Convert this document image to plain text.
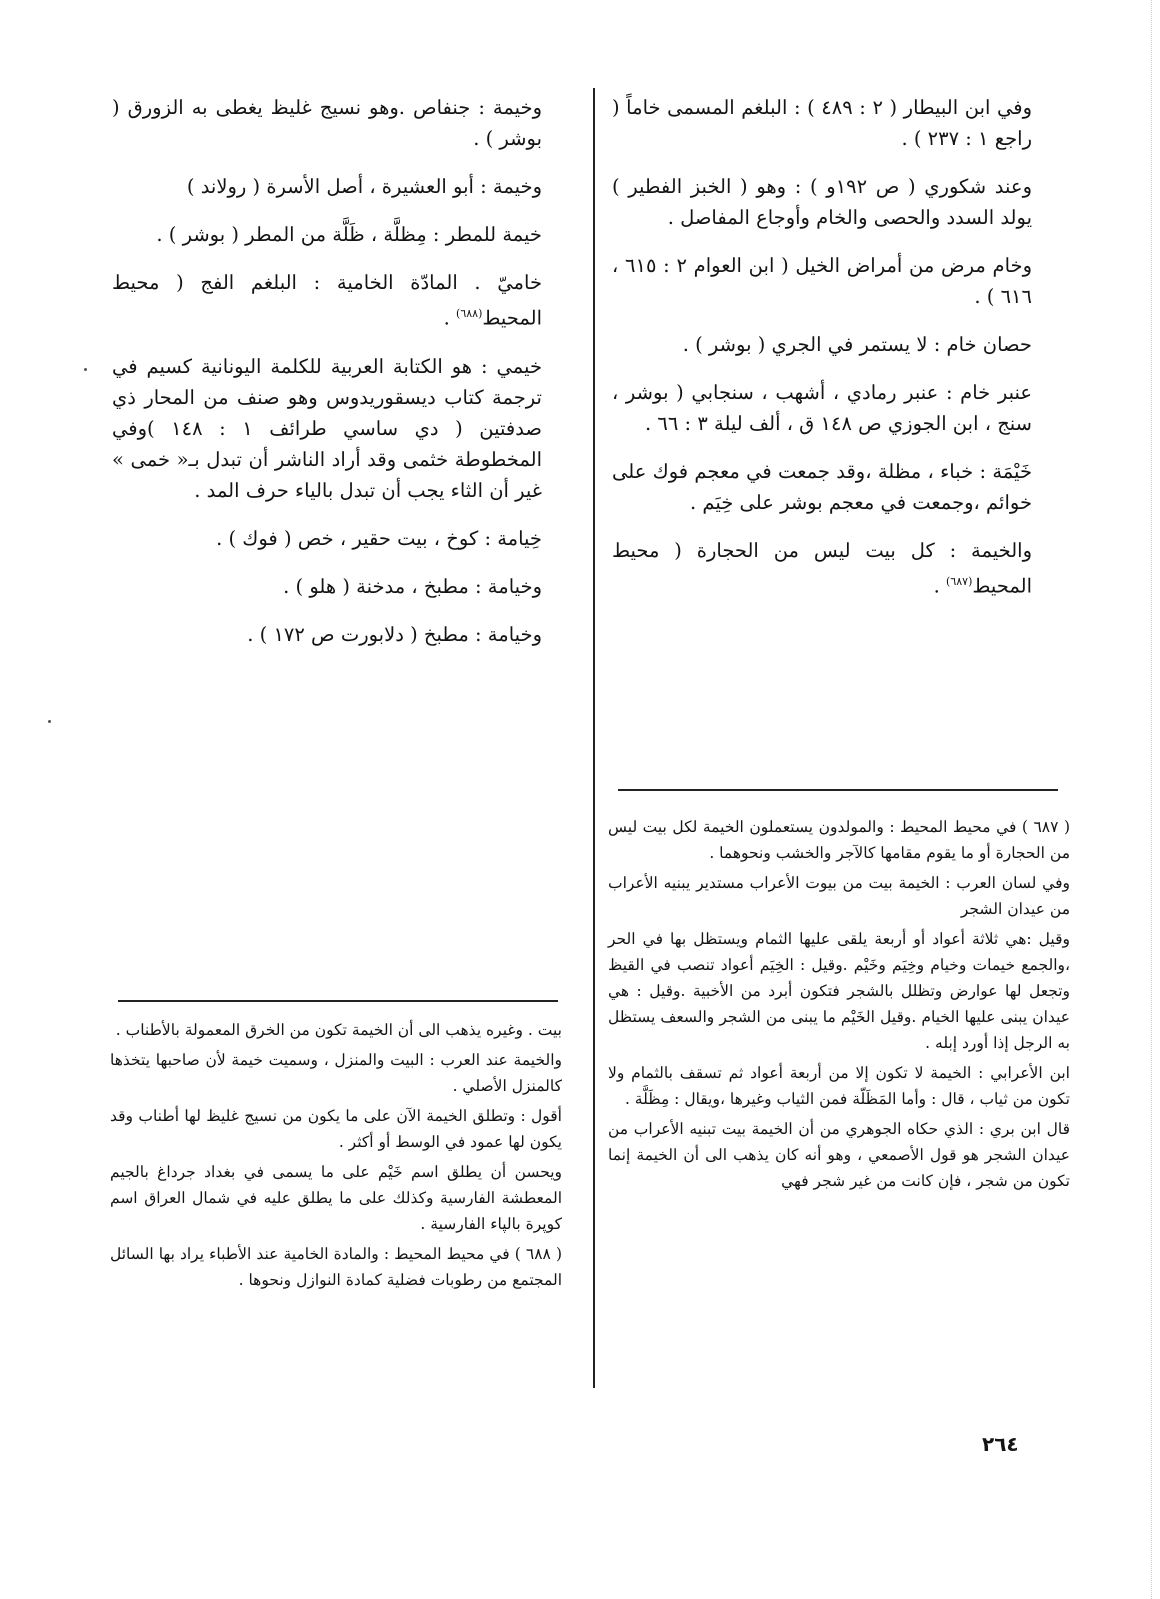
وفي ابن البيطار ( ٢ : ٤٨٩ ) : البلغم المسمى خاماً ( راجع ١ : ٢٣٧ ) .

وعند شكوري ( ص ١٩٢و ) : وهو ( الخبز الفطير ) يولد السدد والحصى والخام وأوجاع المفاصل .

وخام مرض من أمراض الخيل ( ابن العوام ٢ : ٦١٥ ، ٦١٦ ) .

حصان خام : لا يستمر في الجري ( بوشر ) .

عنبر خام : عنبر رمادي ، أشهب ، سنجابي ( بوشر ، سنج ، ابن الجوزي ص ١٤٨ ق ، ألف ليلة ٣ : ٦٦ .

خَيْمَة : خباء ، مظلة ،وقد جمعت في معجم فوك على خوائم ،وجمعت في معجم بوشر على خِيَم .

والخيمة : كل بيت ليس من الحجارة ( محيط المحيط$^{(٦٨٧)}$ .

وخيمة : جنفاص .وهو نسيج غليظ يغطى به الزورق ( بوشر ) .

وخيمة : أبو العشيرة ، أصل الأسرة ( رولاند )

خيمة للمطر : مِظلَّة ، ظَلَّة من المطر ( بوشر ) .

خاميّ . المادّة الخامية : البلغم الفج ( محيط المحيط$^{(٦٨٨)}$ .

خيمي : هو الكتابة العربية للكلمة اليونانية كسيم في ترجمة كتاب ديسقوريدوس وهو صنف من المحار ذي صدفتين ( دي ساسي طرائف ١ : ١٤٨ )وفي المخطوطة خثمى وقد أراد الناشر أن تبدل بـ« خمى » غير أن الثاء يجب أن تبدل بالياء حرف المد .

خِيامة : كوخ ، بيت حقير ، خص ( فوك ) .

وخيامة : مطبخ ، مدخنة ( هلو ) .

وخيامة : مطبخ ( دلابورت ص ١٧٢ ) .

( ٦٨٧ ) في محيط المحيط : والمولدون يستعملون الخيمة لكل بيت ليس من الحجارة أو ما يقوم مقامها كالآجر والخشب ونحوهما .

وفي لسان العرب : الخيمة بيت من بيوت الأعراب مستدير يبنيه الأعراب من عيدان الشجر

وقيل :هي ثلاثة أعواد أو أربعة يلقى عليها الثمام ويستظل بها في الحر ،والجمع خيمات وخيام وخِيَم وخَيْم .وقيل : الخِيَم أعواد تنصب في القيظ وتجعل لها عوارض وتظلل بالشجر فتكون أبرد من الأخبية .وقيل : هي عيدان يبنى عليها الخيام .وقيل الخَيْم ما يبنى من الشجر والسعف يستظل به الرجل إذا أورد إبله .

ابن الأعرابي : الخيمة لا تكون إلا من أربعة أعواد ثم تسقف بالثمام ولا تكون من ثياب ، قال : وأما المَظَلّة فمن الثياب وغيرها ،ويقال : مِظَلَّة .

قال ابن بري : الذي حكاه الجوهري من أن الخيمة بيت تبنيه الأعراب من عيدان الشجر هو قول الأصمعي ، وهو أنه كان يذهب الى أن الخيمة إنما تكون من شجر ، فإن كانت من غير شجر فهي

بيت . وغيره يذهب الى أن الخيمة تكون من الخرق المعمولة بالأطناب .

والخيمة عند العرب : البيت والمنزل ، وسميت خيمة لأن صاحبها يتخذها كالمنزل الأصلي .

أقول : وتطلق الخيمة الآن على ما يكون من نسيج غليظ لها أطناب وقد يكون لها عمود في الوسط أو أكثر .

ويحسن أن يطلق اسم خَيْم على ما يسمى في بغداد جرداغ بالجيم المعطشة الفارسية وكذلك على ما يطلق عليه في شمال العراق اسم كوپرة بالپاء الفارسية .

( ٦٨٨ ) في محيط المحيط : والمادة الخامية عند الأطباء يراد بها السائل المجتمع من رطوبات فضلية كمادة النوازل ونحوها .

٢٦٤
